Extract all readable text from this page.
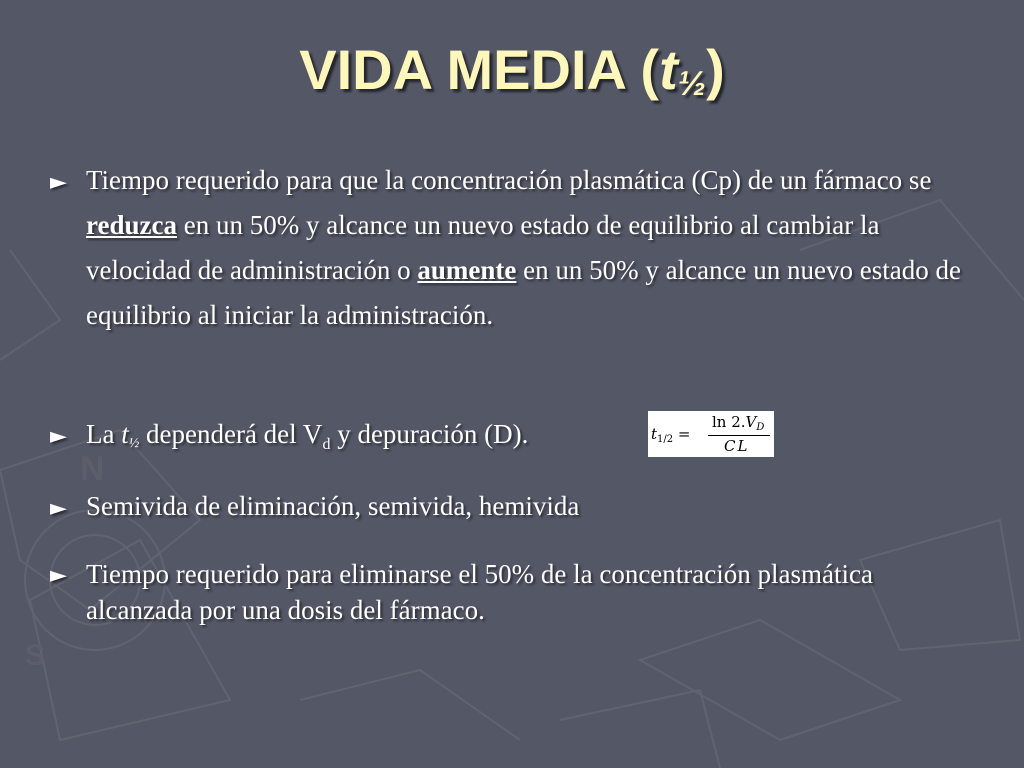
N
S
VIDA MEDIA $(t_{\frac{1}{2}})$
► Tiempo requerido para que la concentración plasmática (Cp) de un fármaco se reduzca en un 50% y alcance un nuevo estado de equilibrio al cambiar la velocidad de administración o aumente en un 50% y alcance un nuevo estado de equilibrio al iniciar la administración.
► La t½ dependerá del $V_d$ y depuración (D).	$t_{1/2}$ =
$\ln 2.V_D$
CL
► Semivida de eliminación, semivida, hemivida
► Tiempo requerido para eliminarse el 50% de la concentración plasmática alcanzada por una dosis del fármaco.
